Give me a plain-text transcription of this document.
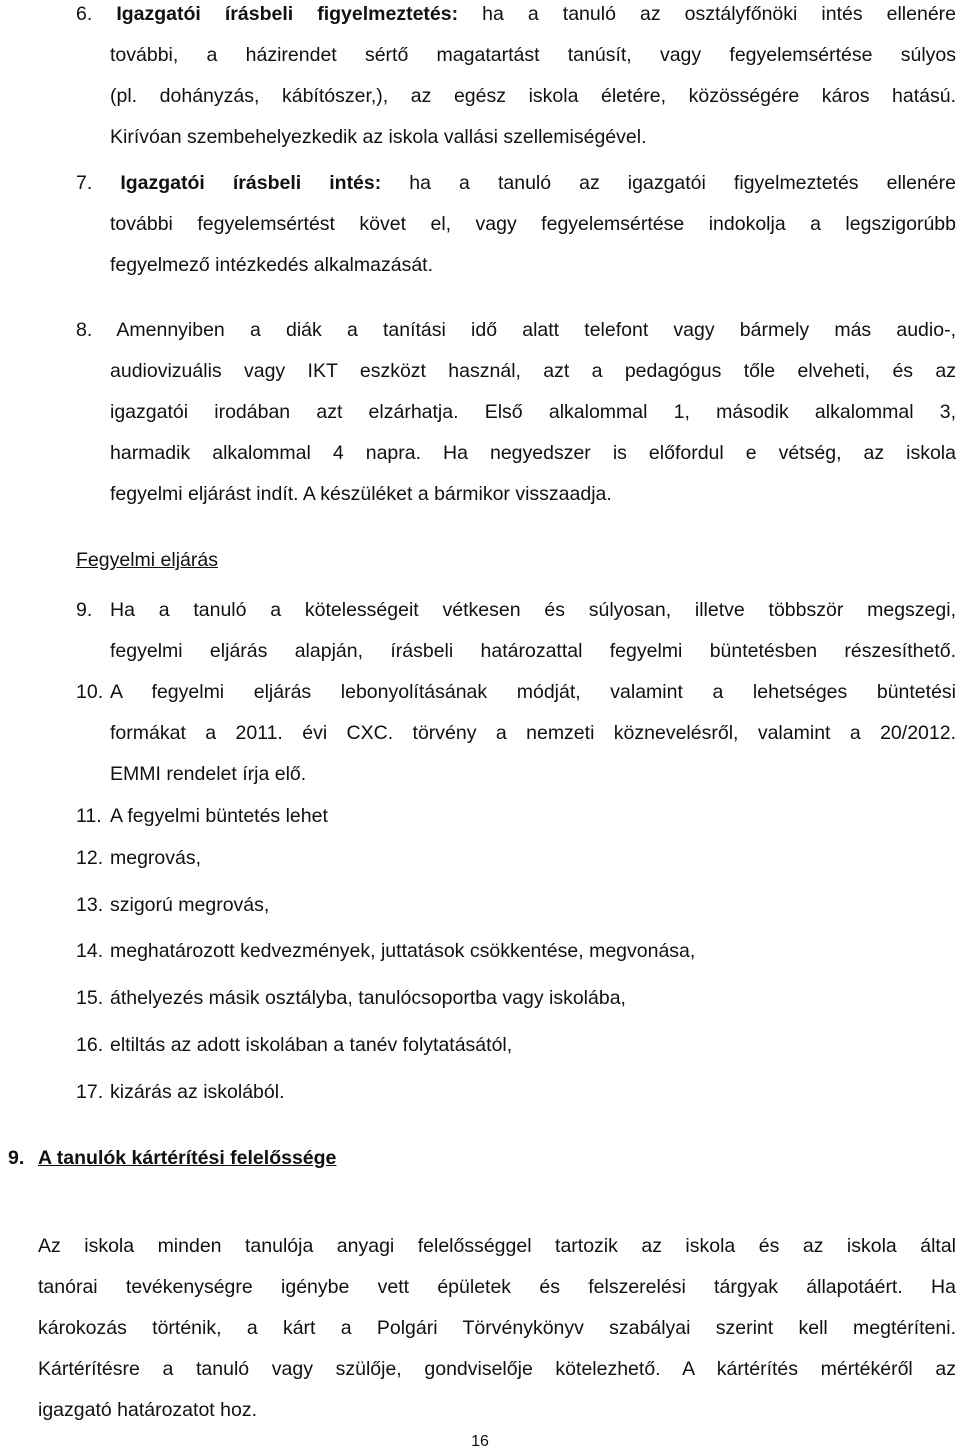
6. Igazgatói írásbeli figyelmeztetés: ha a tanuló az osztályfőnöki intés ellenére
további, a házirendet sértő magatartást tanúsít, vagy fegyelemsértése súlyos
(pl. dohányzás, kábítószer,), az egész iskola életére, közösségére káros hatású.
Kirívóan szembehelyezkedik az iskola vallási szellemiségével.
7. Igazgatói írásbeli intés: ha a tanuló az igazgatói figyelmeztetés ellenére
további fegyelemsértést követ el, vagy fegyelemsértése indokolja a legszigorúbb
fegyelmező intézkedés alkalmazását.
8. Amennyiben a diák a tanítási idő alatt telefont vagy bármely más audio-,
audiovizuális vagy IKT eszközt használ, azt a pedagógus tőle elveheti, és az
igazgatói irodában azt elzárhatja. Első alkalommal 1, második alkalommal 3,
harmadik alkalommal 4 napra. Ha negyedszer is előfordul e vétség, az iskola
fegyelmi eljárást indít. A készüléket a bármikor visszaadja.
Fegyelmi eljárás
9. Ha a tanuló a kötelességeit vétkesen és súlyosan, illetve többször megszegi,
fegyelmi eljárás alapján, írásbeli határozattal fegyelmi büntetésben részesíthető.
10. A fegyelmi eljárás lebonyolításának módját, valamint a lehetséges büntetési
formákat a 2011. évi CXC. törvény a nemzeti köznevelésről, valamint a 20/2012.
EMMI rendelet írja elő.
11. A fegyelmi büntetés lehet
12. megrovás,
13. szigorú megrovás,
14. meghatározott kedvezmények, juttatások csökkentése, megvonása,
15. áthelyezés másik osztályba, tanulócsoportba vagy iskolába,
16. eltiltás az adott iskolában a tanév folytatásától,
17. kizárás az iskolából.
9. A tanulók kártérítési felelőssége
Az iskola minden tanulója anyagi felelősséggel tartozik az iskola és az iskola által
tanórai tevékenységre igénybe vett épületek és felszerelési tárgyak állapotáért. Ha
károkozás történik, a kárt a Polgári Törvénykönyv szabályai szerint kell megtéríteni.
Kártérítésre a tanuló vagy szülője, gondviselője kötelezhető. A kártérítés mértékéről az
igazgató határozatot hoz.
16
